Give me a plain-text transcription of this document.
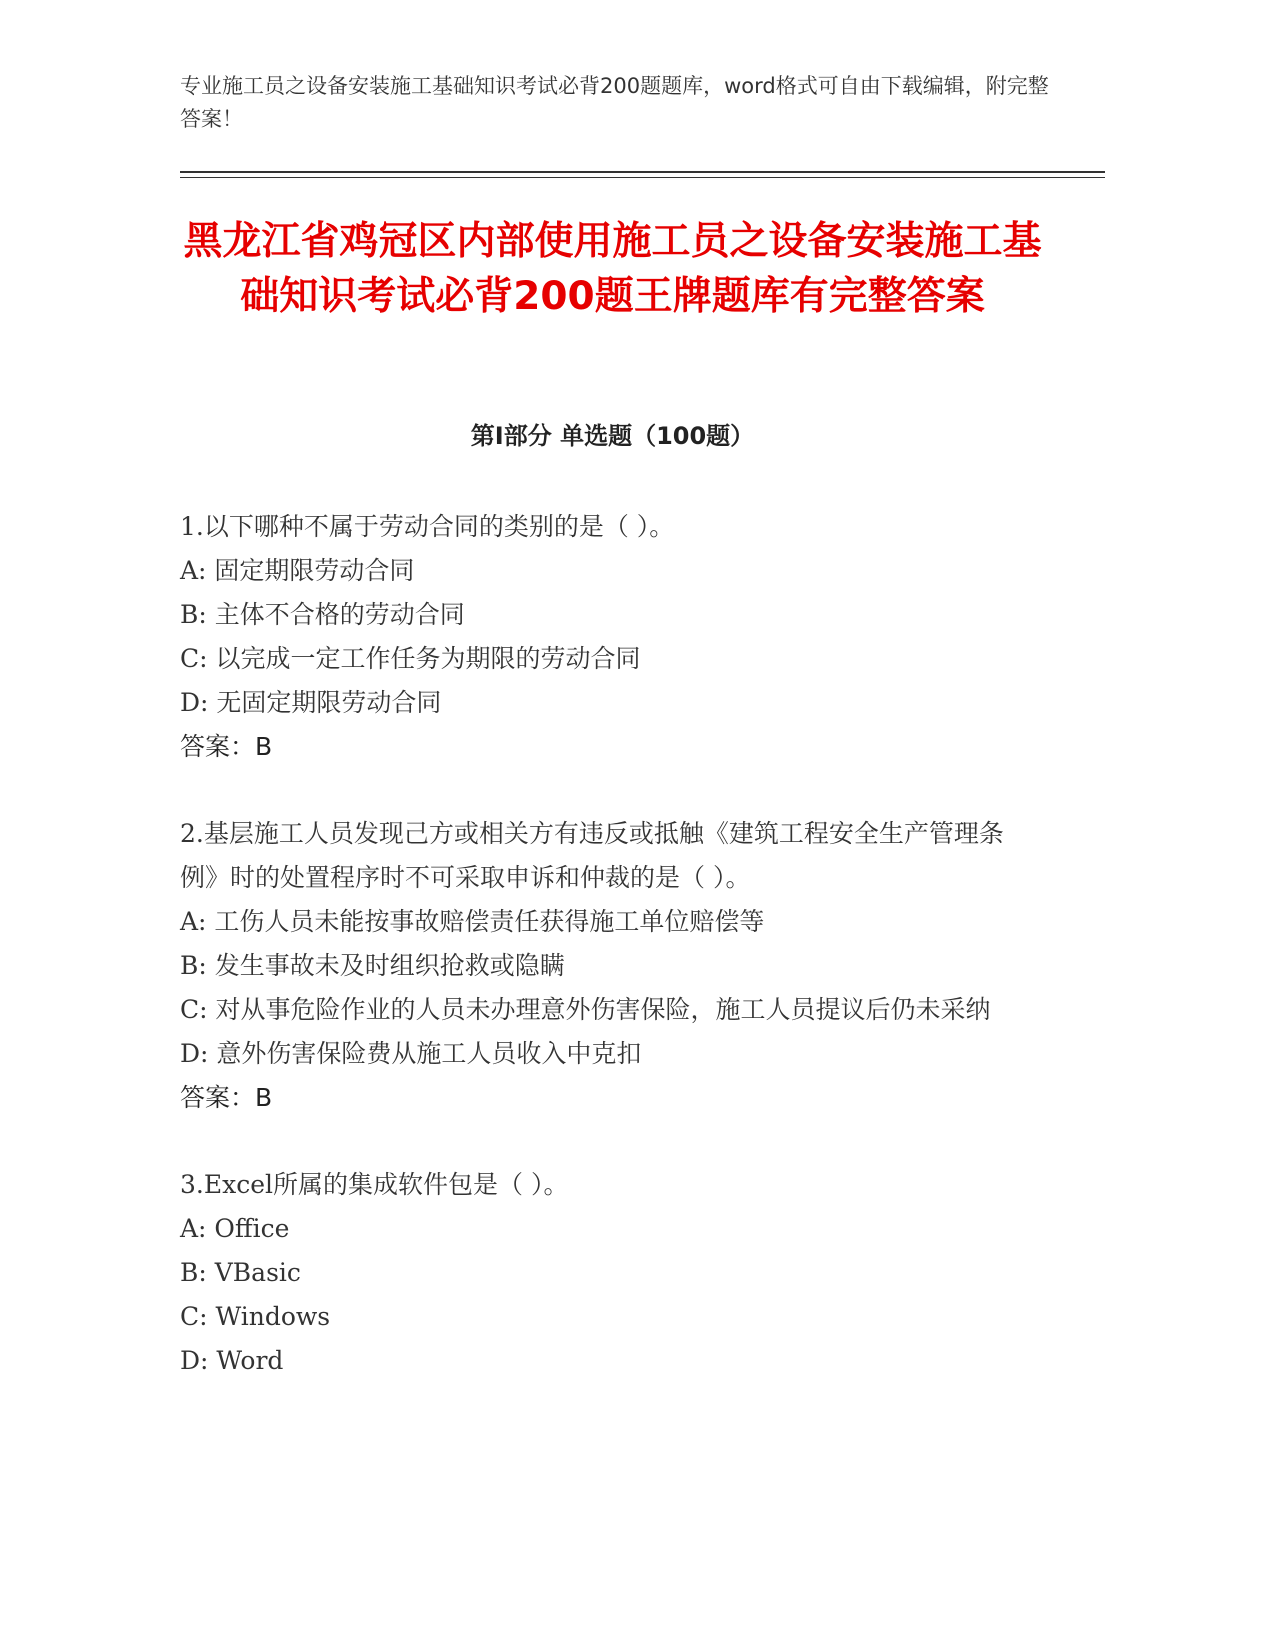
专业施工员之设备安装施工基础知识考试必背200题题库，word格式可自由下载编辑，附完整答案！
黑龙江省鸡冠区内部使用施工员之设备安装施工基础知识考试必背200题王牌题库有完整答案
第I部分 单选题（100题）
1.以下哪种不属于劳动合同的类别的是（ ）。
A: 固定期限劳动合同
B: 主体不合格的劳动合同
C: 以完成一定工作任务为期限的劳动合同
D: 无固定期限劳动合同
答案：B
2.基层施工人员发现己方或相关方有违反或抵触《建筑工程安全生产管理条例》时的处置程序时不可采取申诉和仲裁的是（ ）。
A: 工伤人员未能按事故赔偿责任获得施工单位赔偿等
B: 发生事故未及时组织抢救或隐瞒
C: 对从事危险作业的人员未办理意外伤害保险，施工人员提议后仍未采纳
D: 意外伤害保险费从施工人员收入中克扣
答案：B
3.Excel所属的集成软件包是（ ）。
A: Office
B: VBasic
C: Windows
D: Word
